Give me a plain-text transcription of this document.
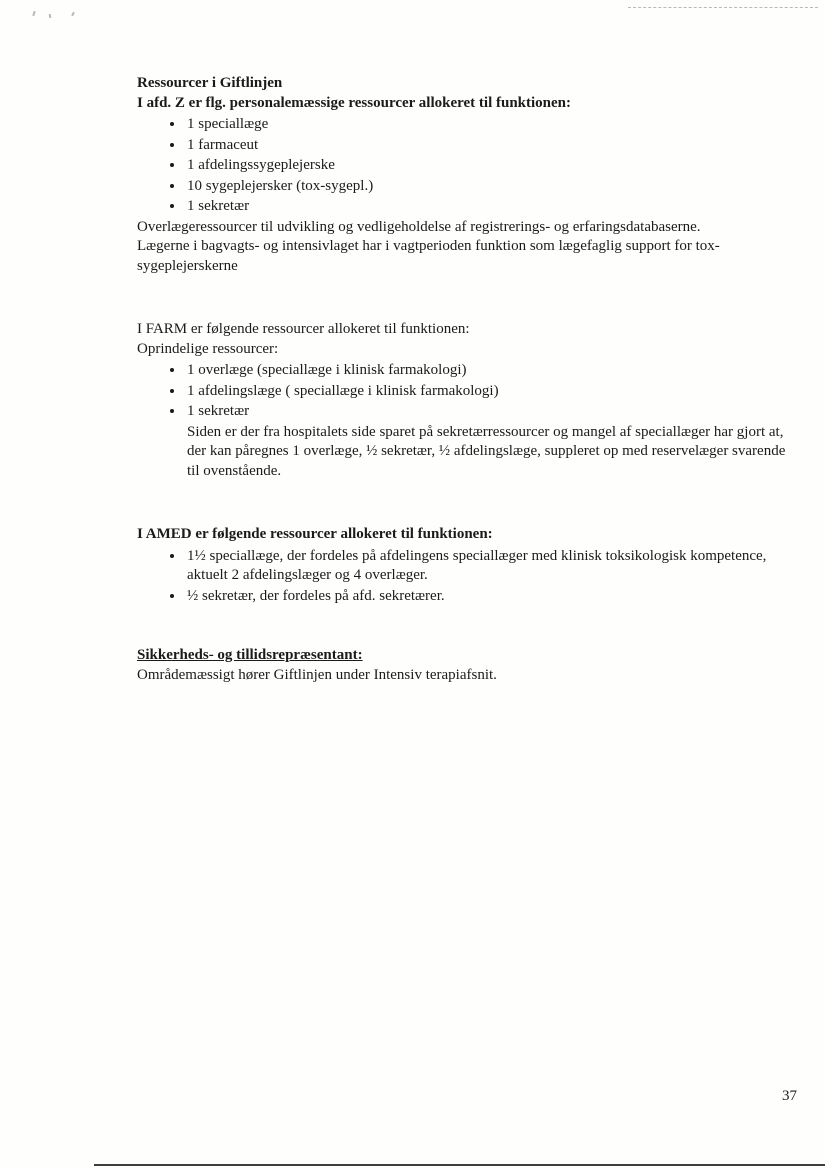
Ressourcer i Giftlinjen

I afd. Z er flg. personalemæssige ressourcer allokeret til funktionen:

• 1 speciallæge
• 1 farmaceut
• 1 afdelingssygeplejerske
• 10 sygeplejersker (tox-sygepl.)
• 1 sekretær

Overlægeressourcer til udvikling og vedligeholdelse af registrerings- og erfaringsdatabaserne.

Lægerne i bagvagts- og intensivlaget har i vagtperioden funktion som lægefaglig support for tox-sygeplejerskerne

I FARM er følgende ressourcer allokeret til funktionen:

Oprindelige ressourcer:

• 1 overlæge (speciallæge i klinisk farmakologi)
• 1 afdelingslæge ( speciallæge i klinisk farmakologi)
• 1 sekretær

Siden er der fra hospitalets side sparet på sekretærressourcer og mangel af speciallæger har gjort at, der kan påregnes 1 overlæge, ½ sekretær, ½ afdelingslæge, suppleret op med reservelæger svarende til ovenstående.

I AMED er følgende ressourcer allokeret til funktionen:

• 1½ speciallæge, der fordeles på afdelingens speciallæger med klinisk toksikologisk kompetence, aktuelt 2 afdelingslæger og 4 overlæger.
• ½ sekretær, der fordeles på afd. sekretærer.
Sikkerheds- og tillidsrepræsentant:

Områdemæssigt hører Giftlinjen under Intensiv terapiafsnit.

37
